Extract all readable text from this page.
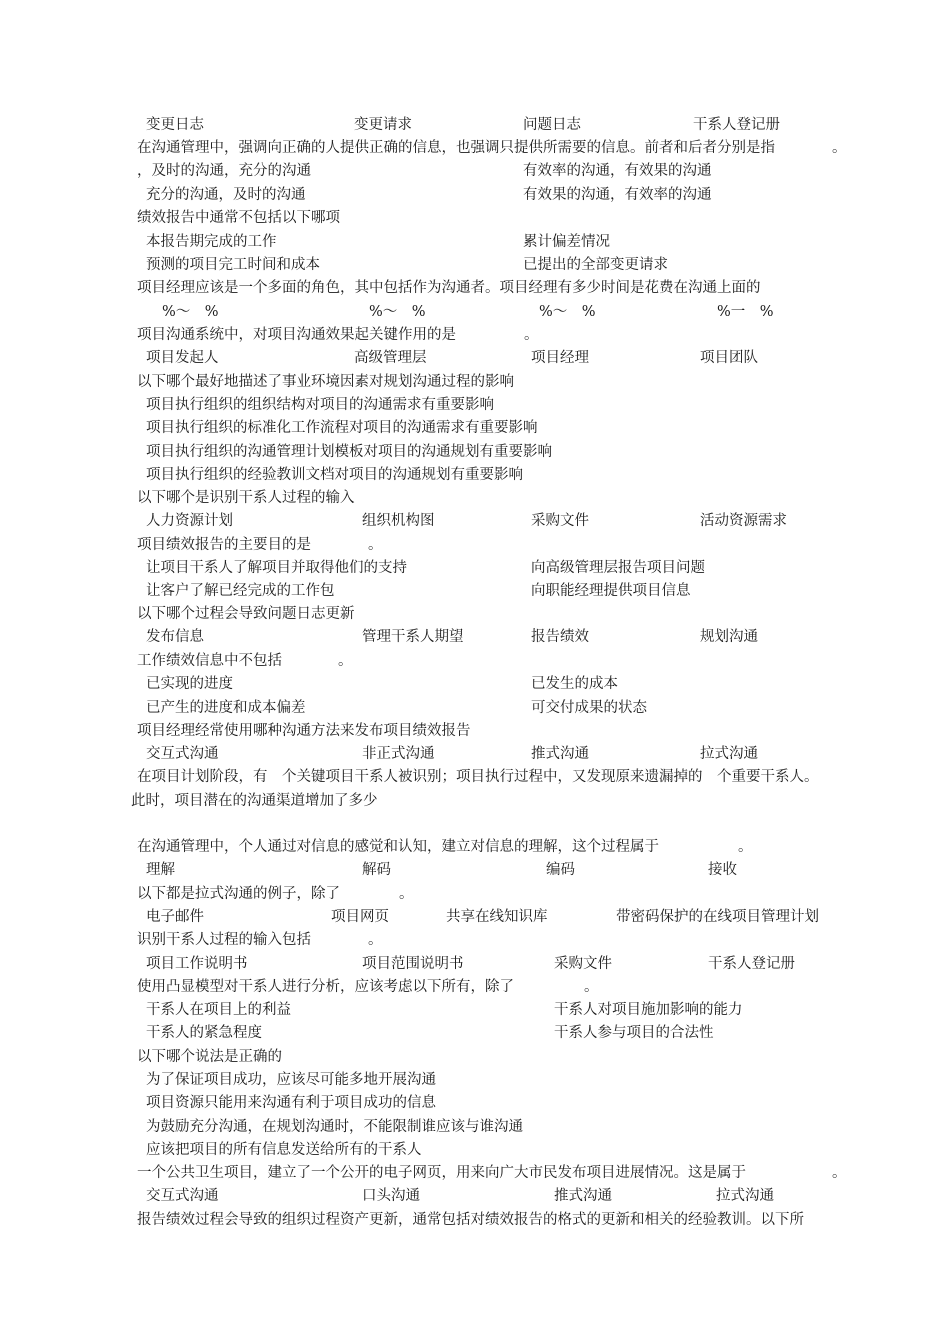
变更日志	变更请求	问题日志	干系人登记册
在沟通管理中，强调向正确的人提供正确的信息，也强调只提供所需要的信息。前者和后者分别是指	。
，及时的沟通，充分的沟通	有效率的沟通，有效果的沟通
充分的沟通，及时的沟通	有效果的沟通，有效率的沟通
绩效报告中通常不包括以下哪项
本报告期完成的工作	累计偏差情况
预测的项目完工时间和成本	已提出的全部变更请求
项目经理应该是一个多面的角色，其中包括作为沟通者。项目经理有多少时间是花费在沟通上面的
%～　%	%～　%	%～　%	%一　%
项目沟通系统中，对项目沟通效果起关键作用的是	。
项目发起人	高级管理层	项目经理	项目团队
以下哪个最好地描述了事业环境因素对规划沟通过程的影响
项目执行组织的组织结构对项目的沟通需求有重要影响
项目执行组织的标准化工作流程对项目的沟通需求有重要影响
项目执行组织的沟通管理计划模板对项目的沟通规划有重要影响
项目执行组织的经验教训文档对项目的沟通规划有重要影响
以下哪个是识别干系人过程的输入
人力资源计划	组织机构图	采购文件	活动资源需求
项目绩效报告的主要目的是	。
让项目干系人了解项目并取得他们的支持	向高级管理层报告项目问题
让客户了解已经完成的工作包	向职能经理提供项目信息
以下哪个过程会导致问题日志更新
发布信息	管理干系人期望	报告绩效	规划沟通
工作绩效信息中不包括	。
已实现的进度	已发生的成本
已产生的进度和成本偏差	可交付成果的状态
项目经理经常使用哪种沟通方法来发布项目绩效报告
交互式沟通	非正式沟通	推式沟通	拉式沟通
在项目计划阶段，有　个关键项目干系人被识别；项目执行过程中，又发现原来遗漏掉的　个重要干系人。
此时，项目潜在的沟通渠道增加了多少
在沟通管理中，个人通过对信息的感觉和认知，建立对信息的理解，这个过程属于	。
理解	解码	编码	接收
以下都是拉式沟通的例子，除了	。
电子邮件	项目网页	共享在线知识库	带密码保护的在线项目管理计划
识别干系人过程的输入包括	。
项目工作说明书	项目范围说明书	采购文件	干系人登记册
使用凸显模型对干系人进行分析，应该考虑以下所有，除了	。
干系人在项目上的利益	干系人对项目施加影响的能力
干系人的紧急程度	干系人参与项目的合法性
以下哪个说法是正确的
为了保证项目成功，应该尽可能多地开展沟通
项目资源只能用来沟通有利于项目成功的信息
为鼓励充分沟通，在规划沟通时，不能限制谁应该与谁沟通
应该把项目的所有信息发送给所有的干系人
一个公共卫生项目，建立了一个公开的电子网页，用来向广大市民发布项目进展情况。这是属于	。
交互式沟通	口头沟通	推式沟通	拉式沟通
报告绩效过程会导致的组织过程资产更新，通常包括对绩效报告的格式的更新和相关的经验教训。以下所
